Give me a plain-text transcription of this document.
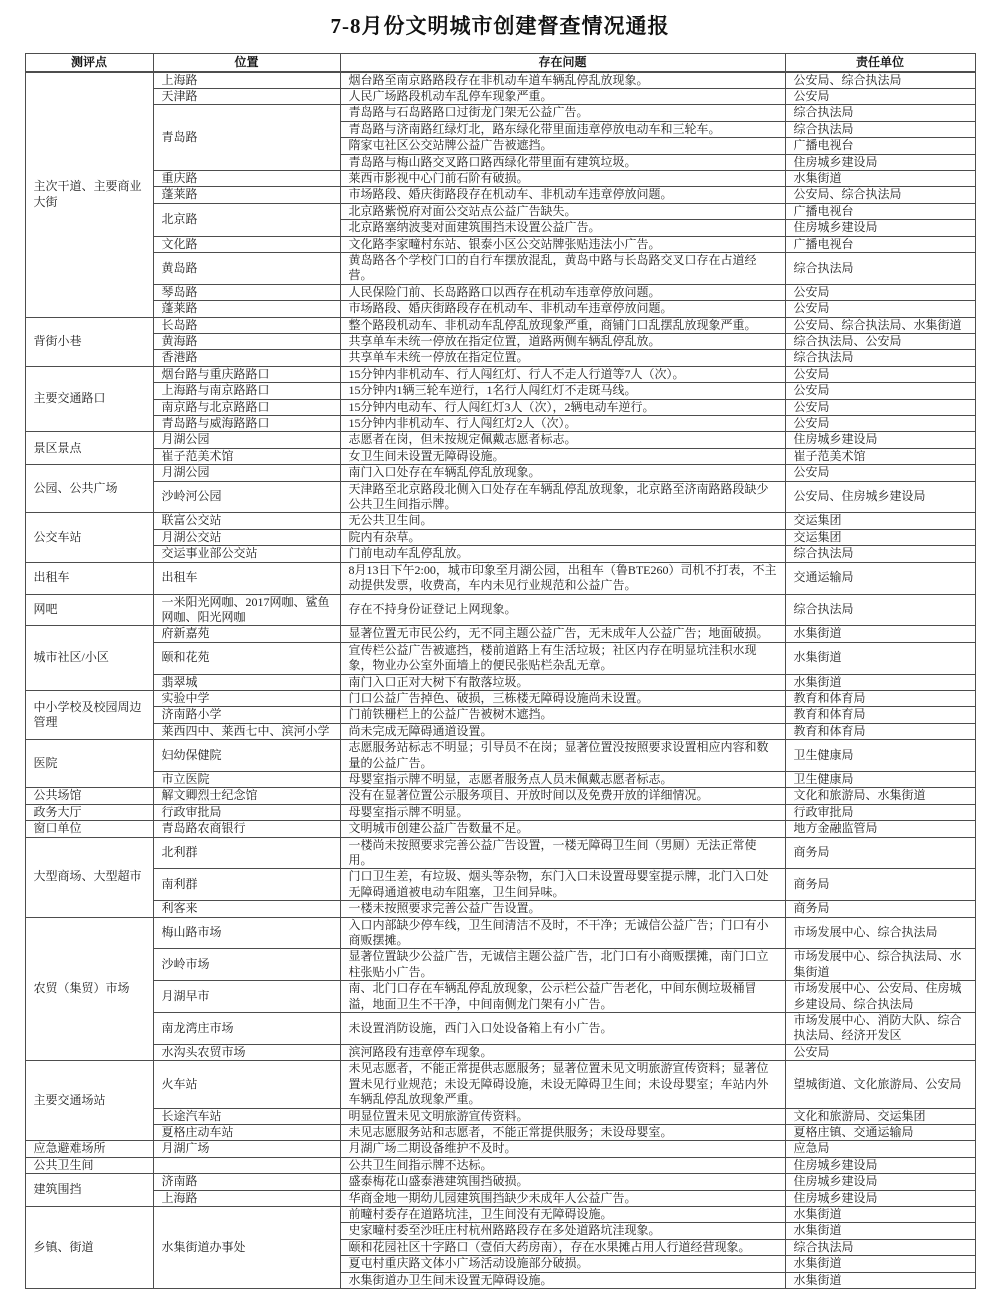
7-8月份文明城市创建督查情况通报
测评点	位置	存在问题	责任单位
主次干道、主要商业大街	上海路	烟台路至南京路路段存在非机动车道车辆乱停乱放现象。	公安局、综合执法局
	天津路	人民广场路段机动车乱停车现象严重。	公安局
	青岛路	青岛路与石岛路路口过街龙门架无公益广告。	综合执法局
		青岛路与济南路红绿灯北，路东绿化带里面违章停放电动车和三轮车。	综合执法局
		隋家屯社区公交站牌公益广告被遮挡。	广播电视台
		青岛路与梅山路交叉路口路西绿化带里面有建筑垃圾。	住房城乡建设局
	重庆路	莱西市影视中心门前石阶有破损。	水集街道
	蓬莱路	市场路段、婚庆街路段存在机动车、非机动车违章停放问题。	公安局、综合执法局
	北京路	北京路紫悦府对面公交站点公益广告缺失。	广播电视台
		北京路塞纳波斐对面建筑围挡未设置公益广告。	住房城乡建设局
	文化路	文化路李家疃村东站、银泰小区公交站牌张贴违法小广告。	广播电视台
	黄岛路	黄岛路各个学校门口的自行车摆放混乱，黄岛中路与长岛路交叉口存在占道经营。	综合执法局
	琴岛路	人民保险门前、长岛路路口以西存在机动车违章停放问题。	公安局
	蓬莱路	市场路段、婚庆街路段存在机动车、非机动车违章停放问题。	公安局
背街小巷	长岛路	整个路段机动车、非机动车乱停乱放现象严重，商铺门口乱摆乱放现象严重。	公安局、综合执法局、水集街道
	黄海路	共享单车未统一停放在指定位置，道路两侧车辆乱停乱放。	综合执法局、公安局
	香港路	共享单车未统一停放在指定位置。	综合执法局
主要交通路口	烟台路与重庆路路口	15分钟内非机动车、行人闯红灯、行人不走人行道等7人（次）。	公安局
	上海路与南京路路口	15分钟内1辆三轮车逆行，1名行人闯红灯不走斑马线。	公安局
	南京路与北京路路口	15分钟内电动车、行人闯红灯3人（次），2辆电动车逆行。	公安局
	青岛路与威海路路口	15分钟内非机动车、行人闯红灯2人（次）。	公安局
景区景点	月湖公园	志愿者在岗，但未按规定佩戴志愿者标志。	住房城乡建设局
	崔子范美术馆	女卫生间未设置无障碍设施。	崔子范美术馆
公园、公共广场	月湖公园	南门入口处存在车辆乱停乱放现象。	公安局
	沙岭河公园	天津路至北京路段北侧入口处存在车辆乱停乱放现象，北京路至济南路路段缺少公共卫生间指示牌。	公安局、住房城乡建设局
公交车站	联富公交站	无公共卫生间。	交运集团
	月湖公交站	院内有杂草。	交运集团
	交运事业部公交站	门前电动车乱停乱放。	综合执法局
出租车	出租车	8月13日下午2:00，城市印象至月湖公园，出租车（鲁BTE260）司机不打表，不主动提供发票，收费高，车内未见行业规范和公益广告。	交通运输局
网吧	一米阳光网咖、2017网咖、鲨鱼网咖、阳光网咖	存在不持身份证登记上网现象。	综合执法局
城市社区/小区	府新嘉苑	显著位置无市民公约，无不同主题公益广告，无未成年人公益广告；地面破损。	水集街道
	颐和花苑	宣传栏公益广告被遮挡，楼前道路上有生活垃圾；社区内存在明显坑洼积水现象，物业办公室外面墙上的便民张贴栏杂乱无章。	水集街道
	翡翠城	南门入口正对大树下有散落垃圾。	水集街道
中小学校及校园周边管理	实验中学	门口公益广告掉色、破损，三栋楼无障碍设施尚未设置。	教育和体育局
	济南路小学	门前铁栅栏上的公益广告被树木遮挡。	教育和体育局
	莱西四中、莱西七中、滨河小学	尚未完成无障碍通道设置。	教育和体育局
医院	妇幼保健院	志愿服务站标志不明显；引导员不在岗；显著位置没按照要求设置相应内容和数量的公益广告。	卫生健康局
	市立医院	母婴室指示牌不明显，志愿者服务点人员未佩戴志愿者标志。	卫生健康局
公共场馆	解文卿烈士纪念馆	没有在显著位置公示服务项目、开放时间以及免费开放的详细情况。	文化和旅游局、水集街道
政务大厅	行政审批局	母婴室指示牌不明显。	行政审批局
窗口单位	青岛路农商银行	文明城市创建公益广告数量不足。	地方金融监管局
大型商场、大型超市	北利群	一楼尚未按照要求完善公益广告设置，一楼无障碍卫生间（男厕）无法正常使用。	商务局
	南利群	门口卫生差，有垃圾、烟头等杂物，东门入口未设置母婴室提示牌，北门入口处无障碍通道被电动车阻塞，卫生间异味。	商务局
	利客来	一楼未按照要求完善公益广告设置。	商务局
农贸（集贸）市场	梅山路市场	入口内部缺少停车线，卫生间清洁不及时，不干净；无诚信公益广告；门口有小商贩摆摊。	市场发展中心、综合执法局
	沙岭市场	显著位置缺少公益广告，无诚信主题公益广告，北门口有小商贩摆摊，南门口立柱张贴小广告。	市场发展中心、综合执法局、水集街道
	月湖早市	南、北门口存在车辆乱停乱放现象，公示栏公益广告老化，中间东侧垃圾桶冒溢，地面卫生不干净，中间南侧龙门架有小广告。	市场发展中心、公安局、住房城乡建设局、综合执法局
	南龙湾庄市场	未设置消防设施，西门入口处设备箱上有小广告。	市场发展中心、消防大队、综合执法局、经济开发区
	水沟头农贸市场	滨河路段有违章停车现象。	公安局
主要交通场站	火车站	未见志愿者，不能正常提供志愿服务；显著位置未见文明旅游宣传资料；显著位置未见行业规范；未设无障碍设施，未设无障碍卫生间；未设母婴室；车站内外车辆乱停乱放现象严重。	望城街道、文化旅游局、公安局
	长途汽车站	明显位置未见文明旅游宣传资料。	文化和旅游局、交运集团
	夏格庄动车站	未见志愿服务站和志愿者，不能正常提供服务；未设母婴室。	夏格庄镇、交通运输局
应急避难场所	月湖广场	月湖广场二期设备维护不及时。	应急局
公共卫生间		公共卫生间指示牌不达标。	住房城乡建设局
建筑围挡	济南路	盛泰梅花山盛泰港建筑围挡破损。	住房城乡建设局
	上海路	华商金地一期幼儿园建筑围挡缺少未成年人公益广告。	住房城乡建设局
乡镇、街道	水集街道办事处	前疃村委存在道路坑洼，卫生间没有无障碍设施。	水集街道
		史家疃村委至沙旺庄村杭州路路段存在多处道路坑洼现象。	水集街道
		颐和花园社区十字路口（壹佰大药房南），存在水果摊占用人行道经营现象。	综合执法局
		夏屯村重庆路文体小广场活动设施部分破损。	水集街道
		水集街道办卫生间未设置无障碍设施。	水集街道
